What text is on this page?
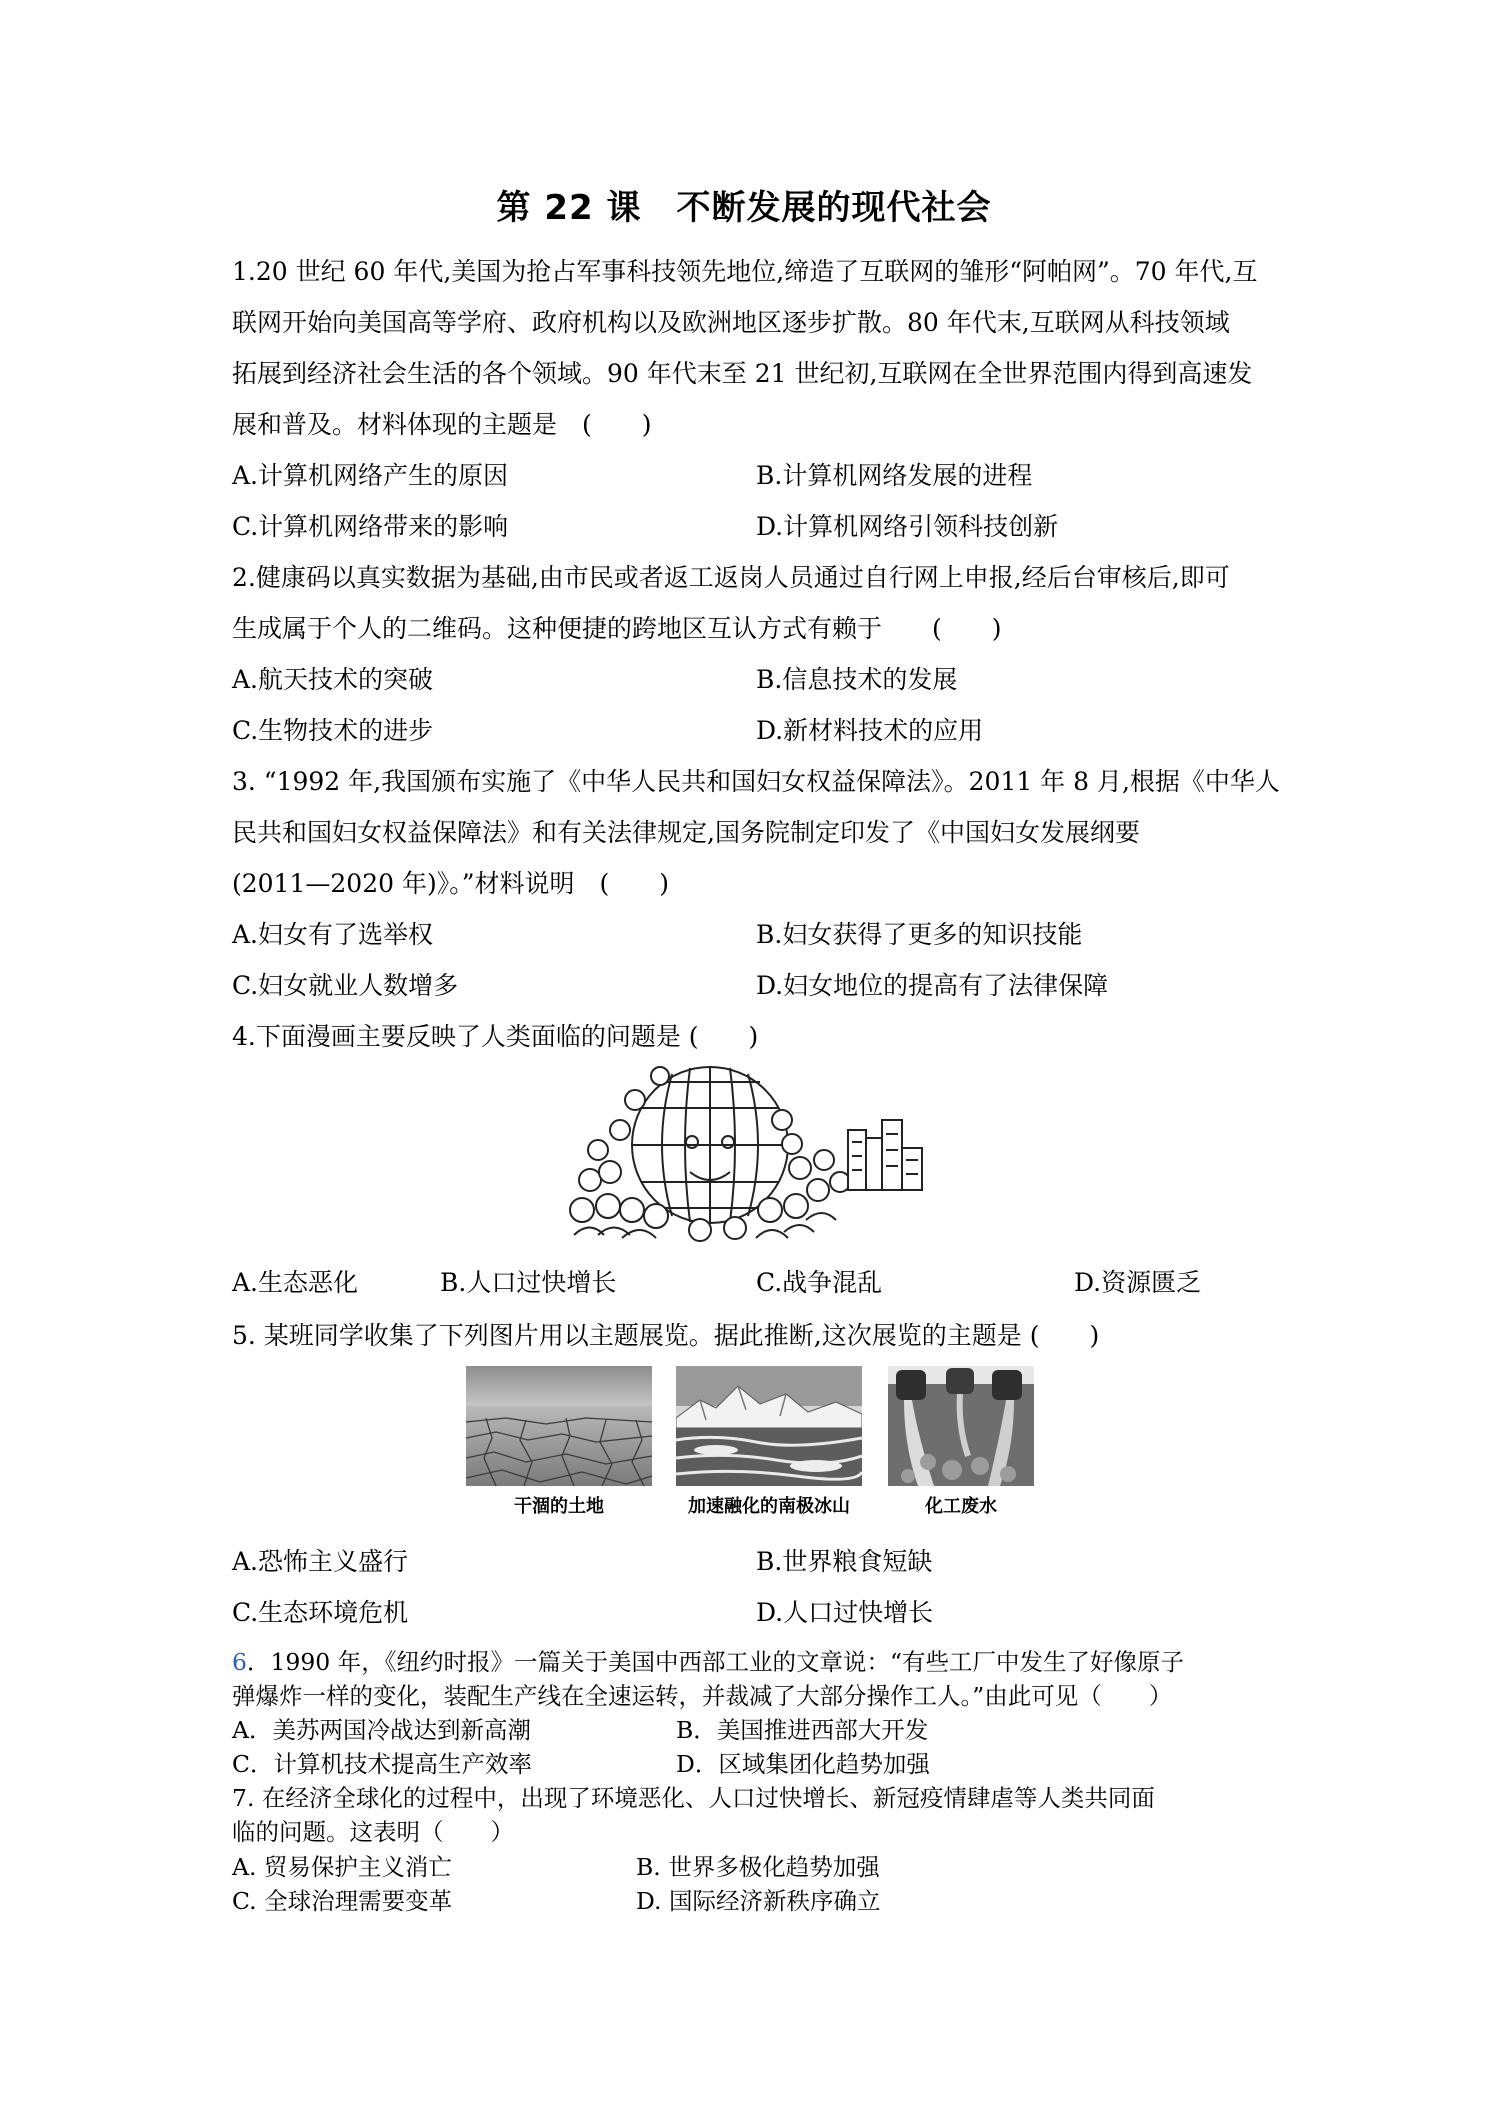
第 22 课　不断发展的现代社会
1.20 世纪 60 年代,美国为抢占军事科技领先地位,缔造了互联网的雏形“阿帕网”。70 年代,互
联网开始向美国高等学府、政府机构以及欧洲地区逐步扩散。80 年代末,互联网从科技领域
拓展到经济社会生活的各个领域。90 年代末至 21 世纪初,互联网在全世界范围内得到高速发
展和普及。材料体现的主题是　(　　)
A.计算机网络产生的原因	B.计算机网络发展的进程
C.计算机网络带来的影响	D.计算机网络引领科技创新
2.健康码以真实数据为基础,由市民或者返工返岗人员通过自行网上申报,经后台审核后,即可
生成属于个人的二维码。这种便捷的跨地区互认方式有赖于　　(　　)
A.航天技术的突破	B.信息技术的发展
C.生物技术的进步	D.新材料技术的应用
3. “1992 年,我国颁布实施了《中华人民共和国妇女权益保障法》。2011 年 8 月,根据《中华人
民共和国妇女权益保障法》和有关法律规定,国务院制定印发了《中国妇女发展纲要
(2011—2020 年)》。”材料说明　(　　)
A.妇女有了选举权	B.妇女获得了更多的知识技能
C.妇女就业人数增多	D.妇女地位的提高有了法律保障
4.下面漫画主要反映了人类面临的问题是 (　　)
A.生态恶化	B.人口过快增长	C.战争混乱	D.资源匮乏
5. 某班同学收集了下列图片用以主题展览。据此推断,这次展览的主题是 (　　)
干涸的土地	加速融化的南极冰山	化工废水
A.恐怖主义盛行	B.世界粮食短缺
C.生态环境危机	D.人口过快增长
6．1990 年，《纽约时报》一篇关于美国中西部工业的文章说：“有些工厂中发生了好像原子
弹爆炸一样的变化，装配生产线在全速运转，并裁减了大部分操作工人。”由此可见（　　）
A．美苏两国冷战达到新高潮	B．美国推进西部大开发
C．计算机技术提高生产效率	D．区域集团化趋势加强
7. 在经济全球化的过程中，出现了环境恶化、人口过快增长、新冠疫情肆虐等人类共同面
临的问题。这表明（　　）
A. 贸易保护主义消亡	B. 世界多极化趋势加强
C. 全球治理需要变革	D. 国际经济新秩序确立
